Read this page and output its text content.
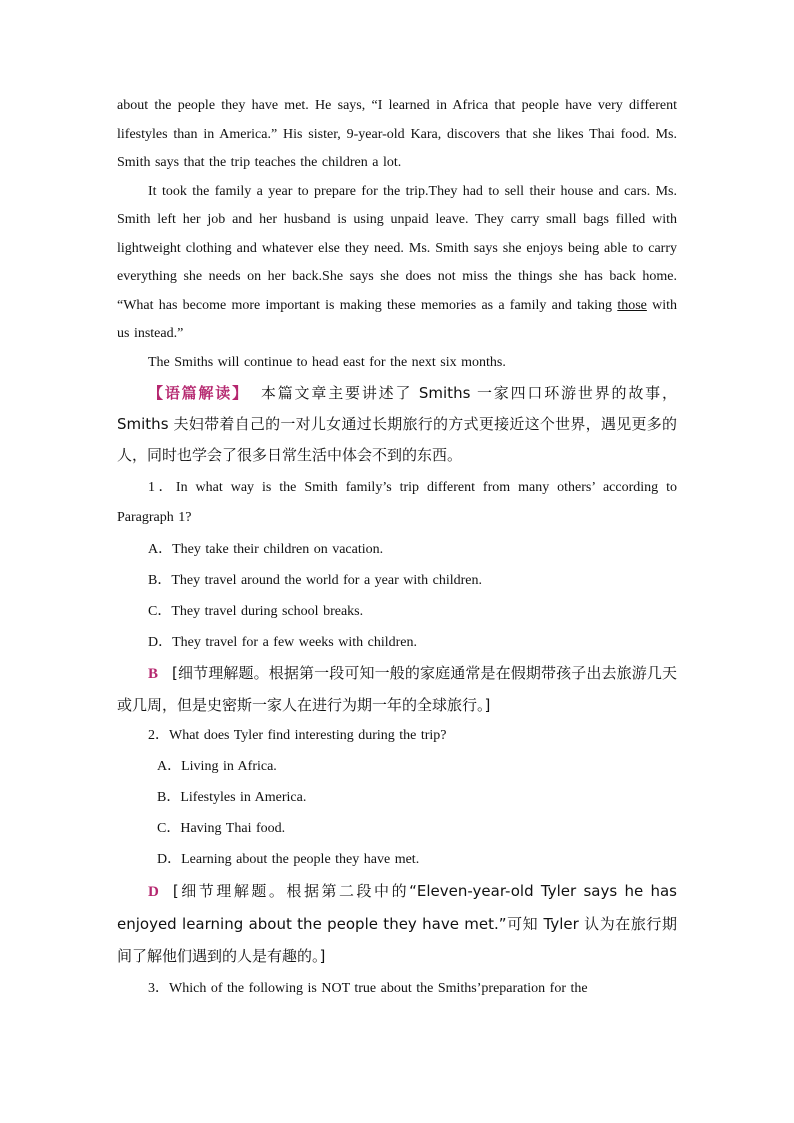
about the people they have met. He says, “I learned in Africa that people have very different lifestyles than in America.” His sister, 9-year-old Kara, discovers that she likes Thai food. Ms. Smith says that the trip teaches the children a lot.

It took the family a year to prepare for the trip.They had to sell their house and cars. Ms. Smith left her job and her husband is using unpaid leave. They carry small bags filled with lightweight clothing and whatever else they need. Ms. Smith says she enjoys being able to carry everything she needs on her back.She says she does not miss the things she has back home. “What has become more important is making these memories as a family and taking those with us instead.”

The Smiths will continue to head east for the next six months.

【语篇解读】 本篇文章主要讲述了 Smiths 一家四口环游世界的故事，Smiths 夫妇带着自己的一对儿女通过长期旅行的方式更接近这个世界，遇见更多的人，同时也学会了很多日常生活中体会不到的东西。

1．In what way is the Smith family’s trip different from many others’ according to Paragraph 1?

A．They take their children on vacation.

B．They travel around the world for a year with children.

C．They travel during school breaks.

D．They travel for a few weeks with children.

B [细节理解题。根据第一段可知一般的家庭通常是在假期带孩子出去旅游几天或几周，但是史密斯一家人在进行为期一年的全球旅行。]

2．What does Tyler find interesting during the trip?

A．Living in Africa.

B．Lifestyles in America.

C．Having Thai food.

D．Learning about the people they have met.

D [细节理解题。根据第二段中的“Eleven-year-old Tyler says he has enjoyed learning about the people they have met.”可知 Tyler 认为在旅行期间了解他们遇到的人是有趣的。]

3．Which of the following is NOT true about the Smiths’preparation for the
